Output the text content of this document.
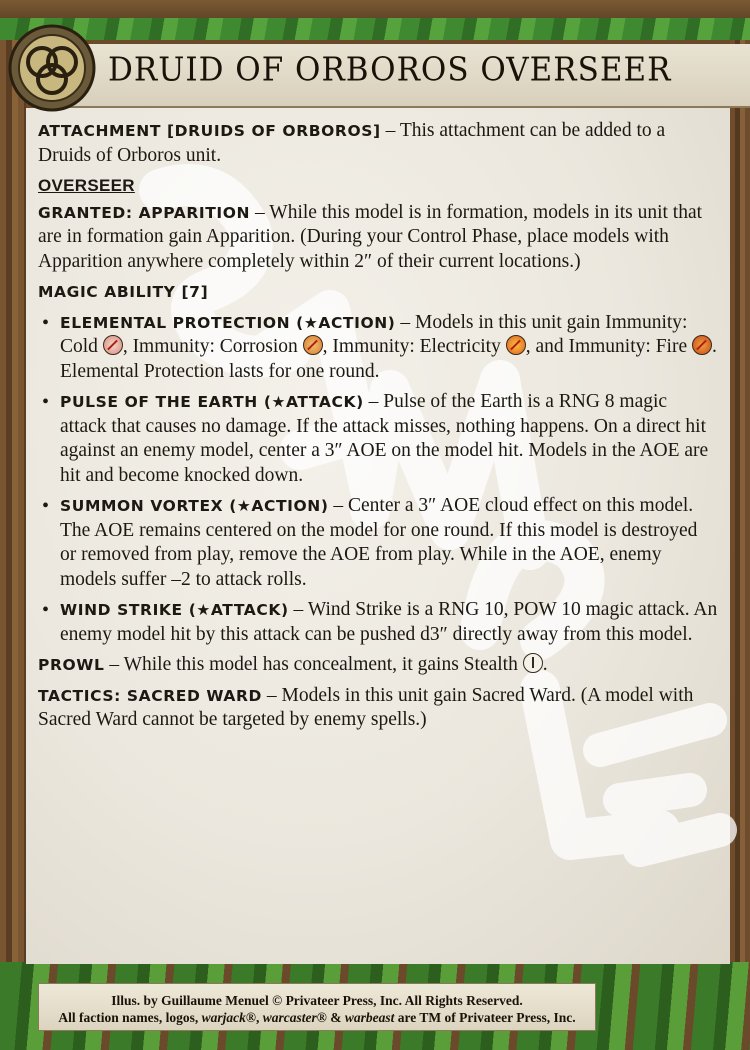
DRUID OF ORBOROS OVERSEER

ATTACHMENT [DRUIDS OF ORBOROS] – This attachment can be added to a Druids of Orboros unit.

OVERSEER

GRANTED: APPARITION – While this model is in formation, models in its unit that are in formation gain Apparition. (During your Control Phase, place models with Apparition anywhere completely within 2″ of their current locations.)

MAGIC ABILITY [7]

• ELEMENTAL PROTECTION (★ACTION) – Models in this unit gain Immunity: Cold , Immunity: Corrosion , Immunity: Electricity , and Immunity: Fire . Elemental Protection lasts for one round.
• PULSE OF THE EARTH (★ATTACK) – Pulse of the Earth is a RNG 8 magic attack that causes no damage. If the attack misses, nothing happens. On a direct hit against an enemy model, center a 3″ AOE on the model hit. Models in the AOE are hit and become knocked down.
• SUMMON VORTEX (★ACTION) – Center a 3″ AOE cloud effect on this model. The AOE remains centered on the model for one round. If this model is destroyed or removed from play, remove the AOE from play. While in the AOE, enemy models suffer –2 to attack rolls.
• WIND STRIKE (★ATTACK) – Wind Strike is a RNG 10, POW 10 magic attack. An enemy model hit by this attack can be pushed d3″ directly away from this model.

PROWL – While this model has concealment, it gains Stealth .

TACTICS: SACRED WARD – Models in this unit gain Sacred Ward. (A model with Sacred Ward cannot be targeted by enemy spells.)

Illus. by Guillaume Menuel © Privateer Press, Inc. All Rights Reserved.
All faction names, logos, warjack®, warcaster® & warbeast are TM of Privateer Press, Inc.
